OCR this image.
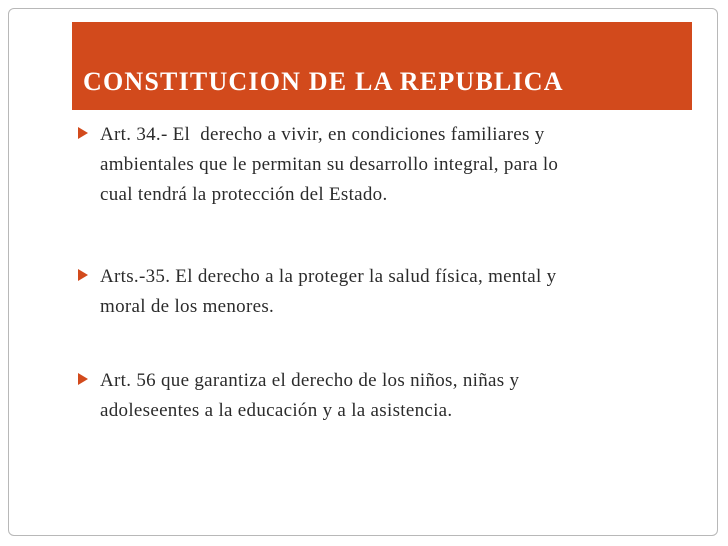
CONSTITUCION DE LA REPUBLICA
Art. 34.- El  derecho a vivir, en condiciones familiares y
ambientales que le permitan su desarrollo integral, para lo
cual tendrá la protección del Estado.
Arts.-35. El derecho a la proteger la salud física, mental y
moral de los menores.
Art. 56 que garantiza el derecho de los niños, niñas y
adoleseentes a la educación y a la asistencia.
